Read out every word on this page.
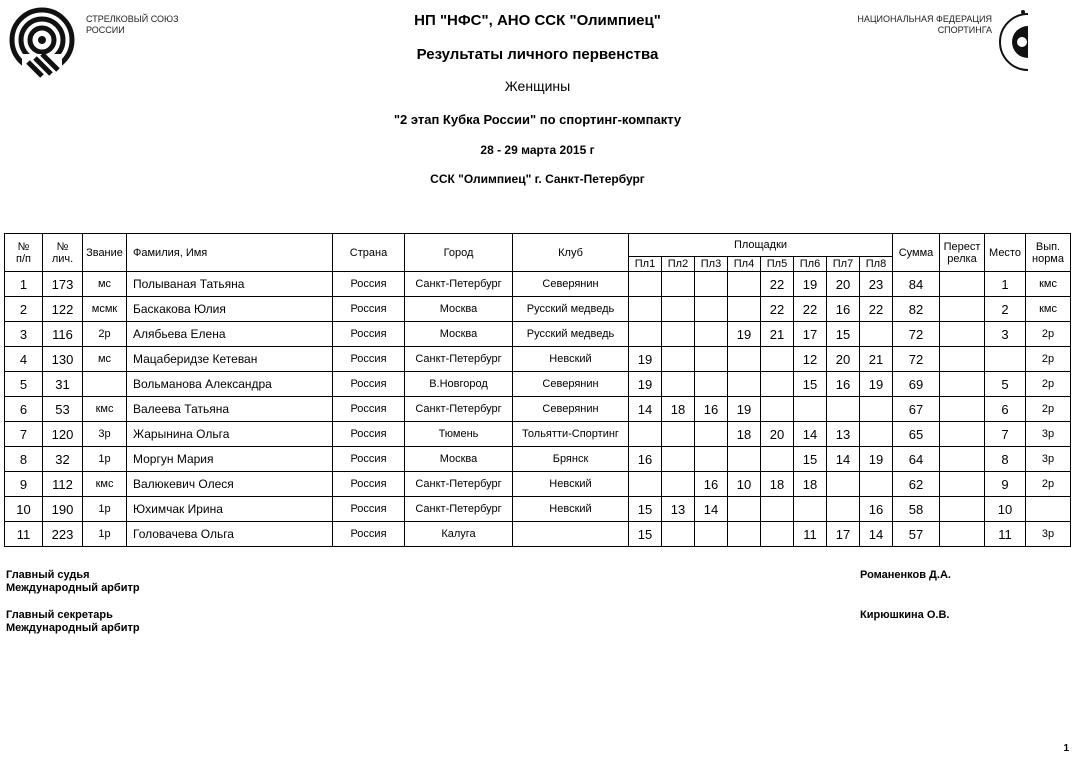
СТРЕЛКОВЫЙ СОЮЗ
РОССИИ
НАЦИОНАЛЬНАЯ ФЕДЕРАЦИЯ
СПОРТИНГА
НП "НФС", АНО ССК "Олимпиец"
Результаты личного первенства
Женщины
"2 этап Кубка России" по спортинг-компакту
28 - 29 марта 2015 г
ССК "Олимпиец" г. Санкт-Петербург
№
п/п	№
лич.	Звание	Фамилия, Имя	Страна	Город	Клуб	Площадки								Сумма	Перест
релка	Место	Вып.
норма
							Пл1	Пл2	Пл3	Пл4	Пл5	Пл6	Пл7	Пл8				
1	173	мс	Полываная Татьяна	Россия	Санкт-Петербург	Северянин					22	19	20	23	84		1	кмс
2	122	мсмк	Баскакова Юлия	Россия	Москва	Русский медведь					22	22	16	22	82		2	кмс
3	116	2р	Алябьева Елена	Россия	Москва	Русский медведь				19	21	17	15		72		3	2р
4	130	мс	Мацаберидзе Кетеван	Россия	Санкт-Петербург	Невский	19					12	20	21	72			2р
5	31		Вольманова Александра	Россия	В.Новгород	Северянин	19					15	16	19	69		5	2р
6	53	кмс	Валеева Татьяна	Россия	Санкт-Петербург	Северянин	14	18	16	19					67		6	2р
7	120	3р	Жарынина Ольга	Россия	Тюмень	Тольятти-Спортинг				18	20	14	13		65		7	3р
8	32	1р	Моргун Мария	Россия	Москва	Брянск	16					15	14	19	64		8	3р
9	112	кмс	Валюкевич Олеся	Россия	Санкт-Петербург	Невский			16	10	18	18			62		9	2р
10	190	1р	Юхимчак Ирина	Россия	Санкт-Петербург	Невский	15	13	14					16	58		10	
11	223	1р	Головачева Ольга	Россия	Калуга		15					11	17	14	57		11	3р
Главный судья
Международный арбитр
Романенков Д.А.
Главный секретарь
Международный арбитр
Кирюшкина О.В.
1
